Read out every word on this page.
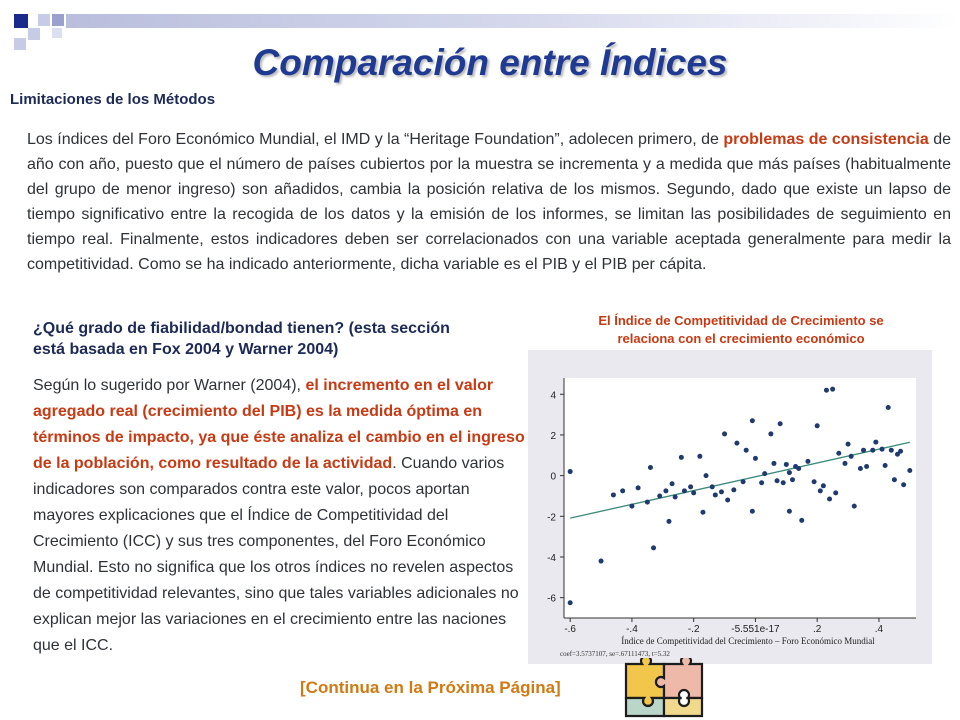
Comparación entre Índices
Limitaciones de los Métodos

Los índices del Foro Económico Mundial, el IMD y la “Heritage Foundation”, adolecen primero, de problemas de consistencia de año con año, puesto que el número de países cubiertos por la muestra se incrementa y a medida que más países (habitualmente del grupo de menor ingreso) son añadidos, cambia la posición relativa de los mismos. Segundo, dado que existe un lapso de tiempo significativo entre la recogida de los datos y la emisión de los informes, se limitan las posibilidades de seguimiento en tiempo real. Finalmente, estos indicadores deben ser correlacionados con una variable aceptada generalmente para medir la competitividad. Como se ha indicado anteriormente, dicha variable es el PIB y el PIB per cápita.

¿Qué grado de fiabilidad/bondad tienen? (esta sección está basada en Fox 2004 y Warner 2004)

Según lo sugerido por Warner (2004), el incremento en el valor agregado real (crecimiento del PIB) es la medida óptima en términos de impacto, ya que éste analiza el cambio en el ingreso de la población, como resultado de la actividad. Cuando varios indicadores son comparados contra este valor, pocos aportan mayores explicaciones que el Índice de Competitividad del Crecimiento (ICC) y sus tres componentes, del Foro Económico Mundial. Esto no significa que los otros índices no revelen aspectos de competitividad relevantes, sino que tales variables adicionales no explican mejor las variaciones en el crecimiento entre las naciones que el ICC.

El Índice de Competitividad de Crecimiento se relaciona con el crecimiento económico

-6
-4
-2
0
2
4
-.6	-.4	-.2	-5.551e-17	.2	.4
Índice de Competitividad del Crecimiento – Foro Económico Mundial
coef=3.5737107, se=.67111473, t=5.32

[Continua en la Próxima Página]
